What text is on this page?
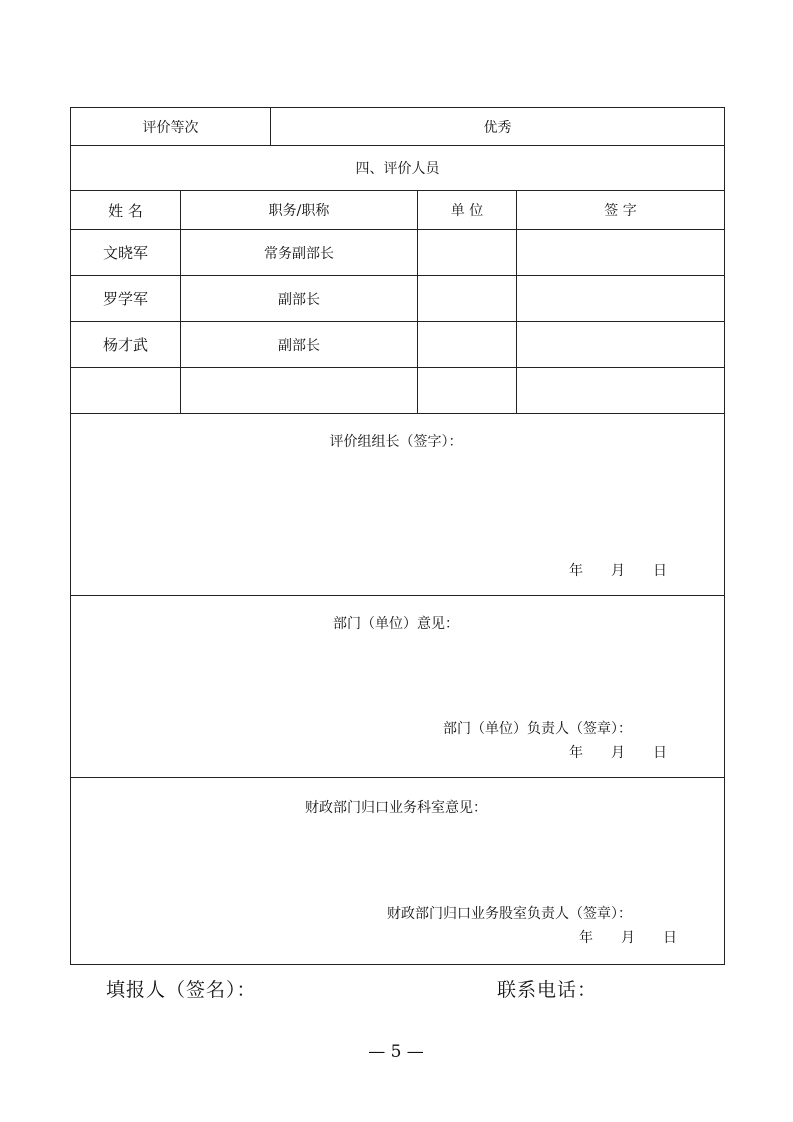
评价等次		优秀		
四、评价人员				
姓 名	职务/职称		单 位	签 字
文晓军	常务副部长			
罗学军	副部长			
杨才武	副部长			

评价组组长（签字）：
年 月 日
部门（单位）意见：
部门（单位）负责人（签章）：
年 月 日
财政部门归口业务科室意见：
财政部门归口业务股室负责人（签章）：
年 月 日
填报人（签名）：	联系电话：
— 5 —
